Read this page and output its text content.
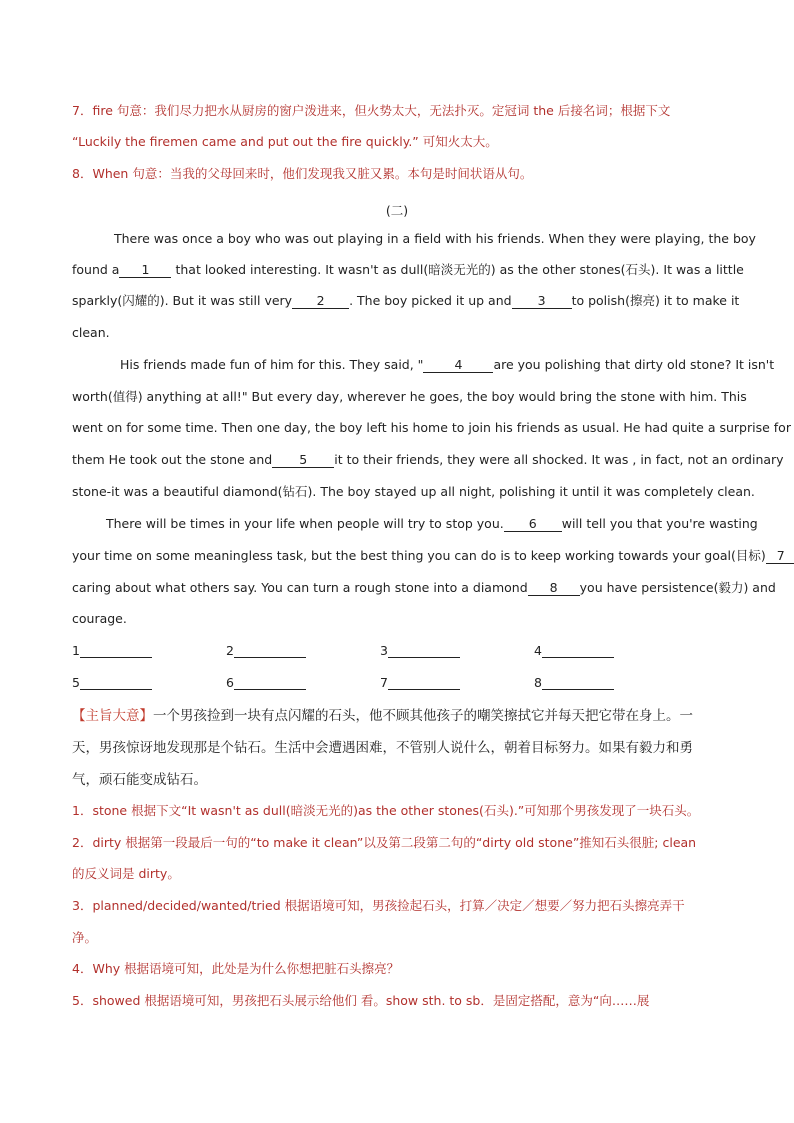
7．fire 句意：我们尽力把水从厨房的窗户泼进来，但火势太大，无法扑灭。定冠词 the 后接名词；根据下文
“Luckily the firemen came and put out the fire quickly.” 可知火太大。
8．When 句意：当我的父母回来时，他们发现我又脏又累。本句是时间状语从句。
(二)
There was once a boy who was out playing in a field with his friends. When they were playing, the boy
found a 1 that looked interesting. It wasn't as dull(暗淡无光的) as the other stones(石头). It was a little
sparkly(闪耀的). But it was still very 2 . The boy picked it up and 3 to polish(擦亮) it to make it
clean.
His friends made fun of him for this. They said, " 4 are you polishing that dirty old stone? It isn't
worth(值得) anything at all!" But every day, wherever he goes, the boy would bring the stone with him. This
went on for some time. Then one day, the boy left his home to join his friends as usual. He had quite a surprise for
them He took out the stone and 5 it to their friends, they were all shocked. It was , in fact, not an ordinary
stone-it was a beautiful diamond(钻石). The boy stayed up all night, polishing it until it was completely clean.
There will be times in your life when people will try to stop you. 6 will tell you that you're wasting
your time on some meaningless task, but the best thing you can do is to keep working towards your goal(目标) 7
caring about what others say. You can turn a rough stone into a diamond 8 you have persistence(毅力) and
courage.
1	2	3	4
5	6	7	8
【主旨大意】一个男孩捡到一块有点闪耀的石头，他不顾其他孩子的嘲笑擦拭它并每天把它带在身上。一
天，男孩惊讶地发现那是个钻石。生活中会遭遇困难，不管别人说什么，朝着目标努力。如果有毅力和勇
气，顽石能变成钻石。
1．stone 根据下文“It wasn't as dull(暗淡无光的)as the other stones(石头).”可知那个男孩发现了一块石头。
2．dirty 根据第一段最后一句的“to make it clean”以及第二段第二句的“dirty old stone”推知石头很脏; clean
的反义词是 dirty。
3．planned/decided/wanted/tried 根据语境可知，男孩捡起石头，打算／决定／想要／努力把石头擦亮弄干
净。
4．Why 根据语境可知，此处是为什么你想把脏石头擦亮？
5．showed 根据语境可知，男孩把石头展示给他们 看。show sth. to sb．是固定搭配，意为“向……展
